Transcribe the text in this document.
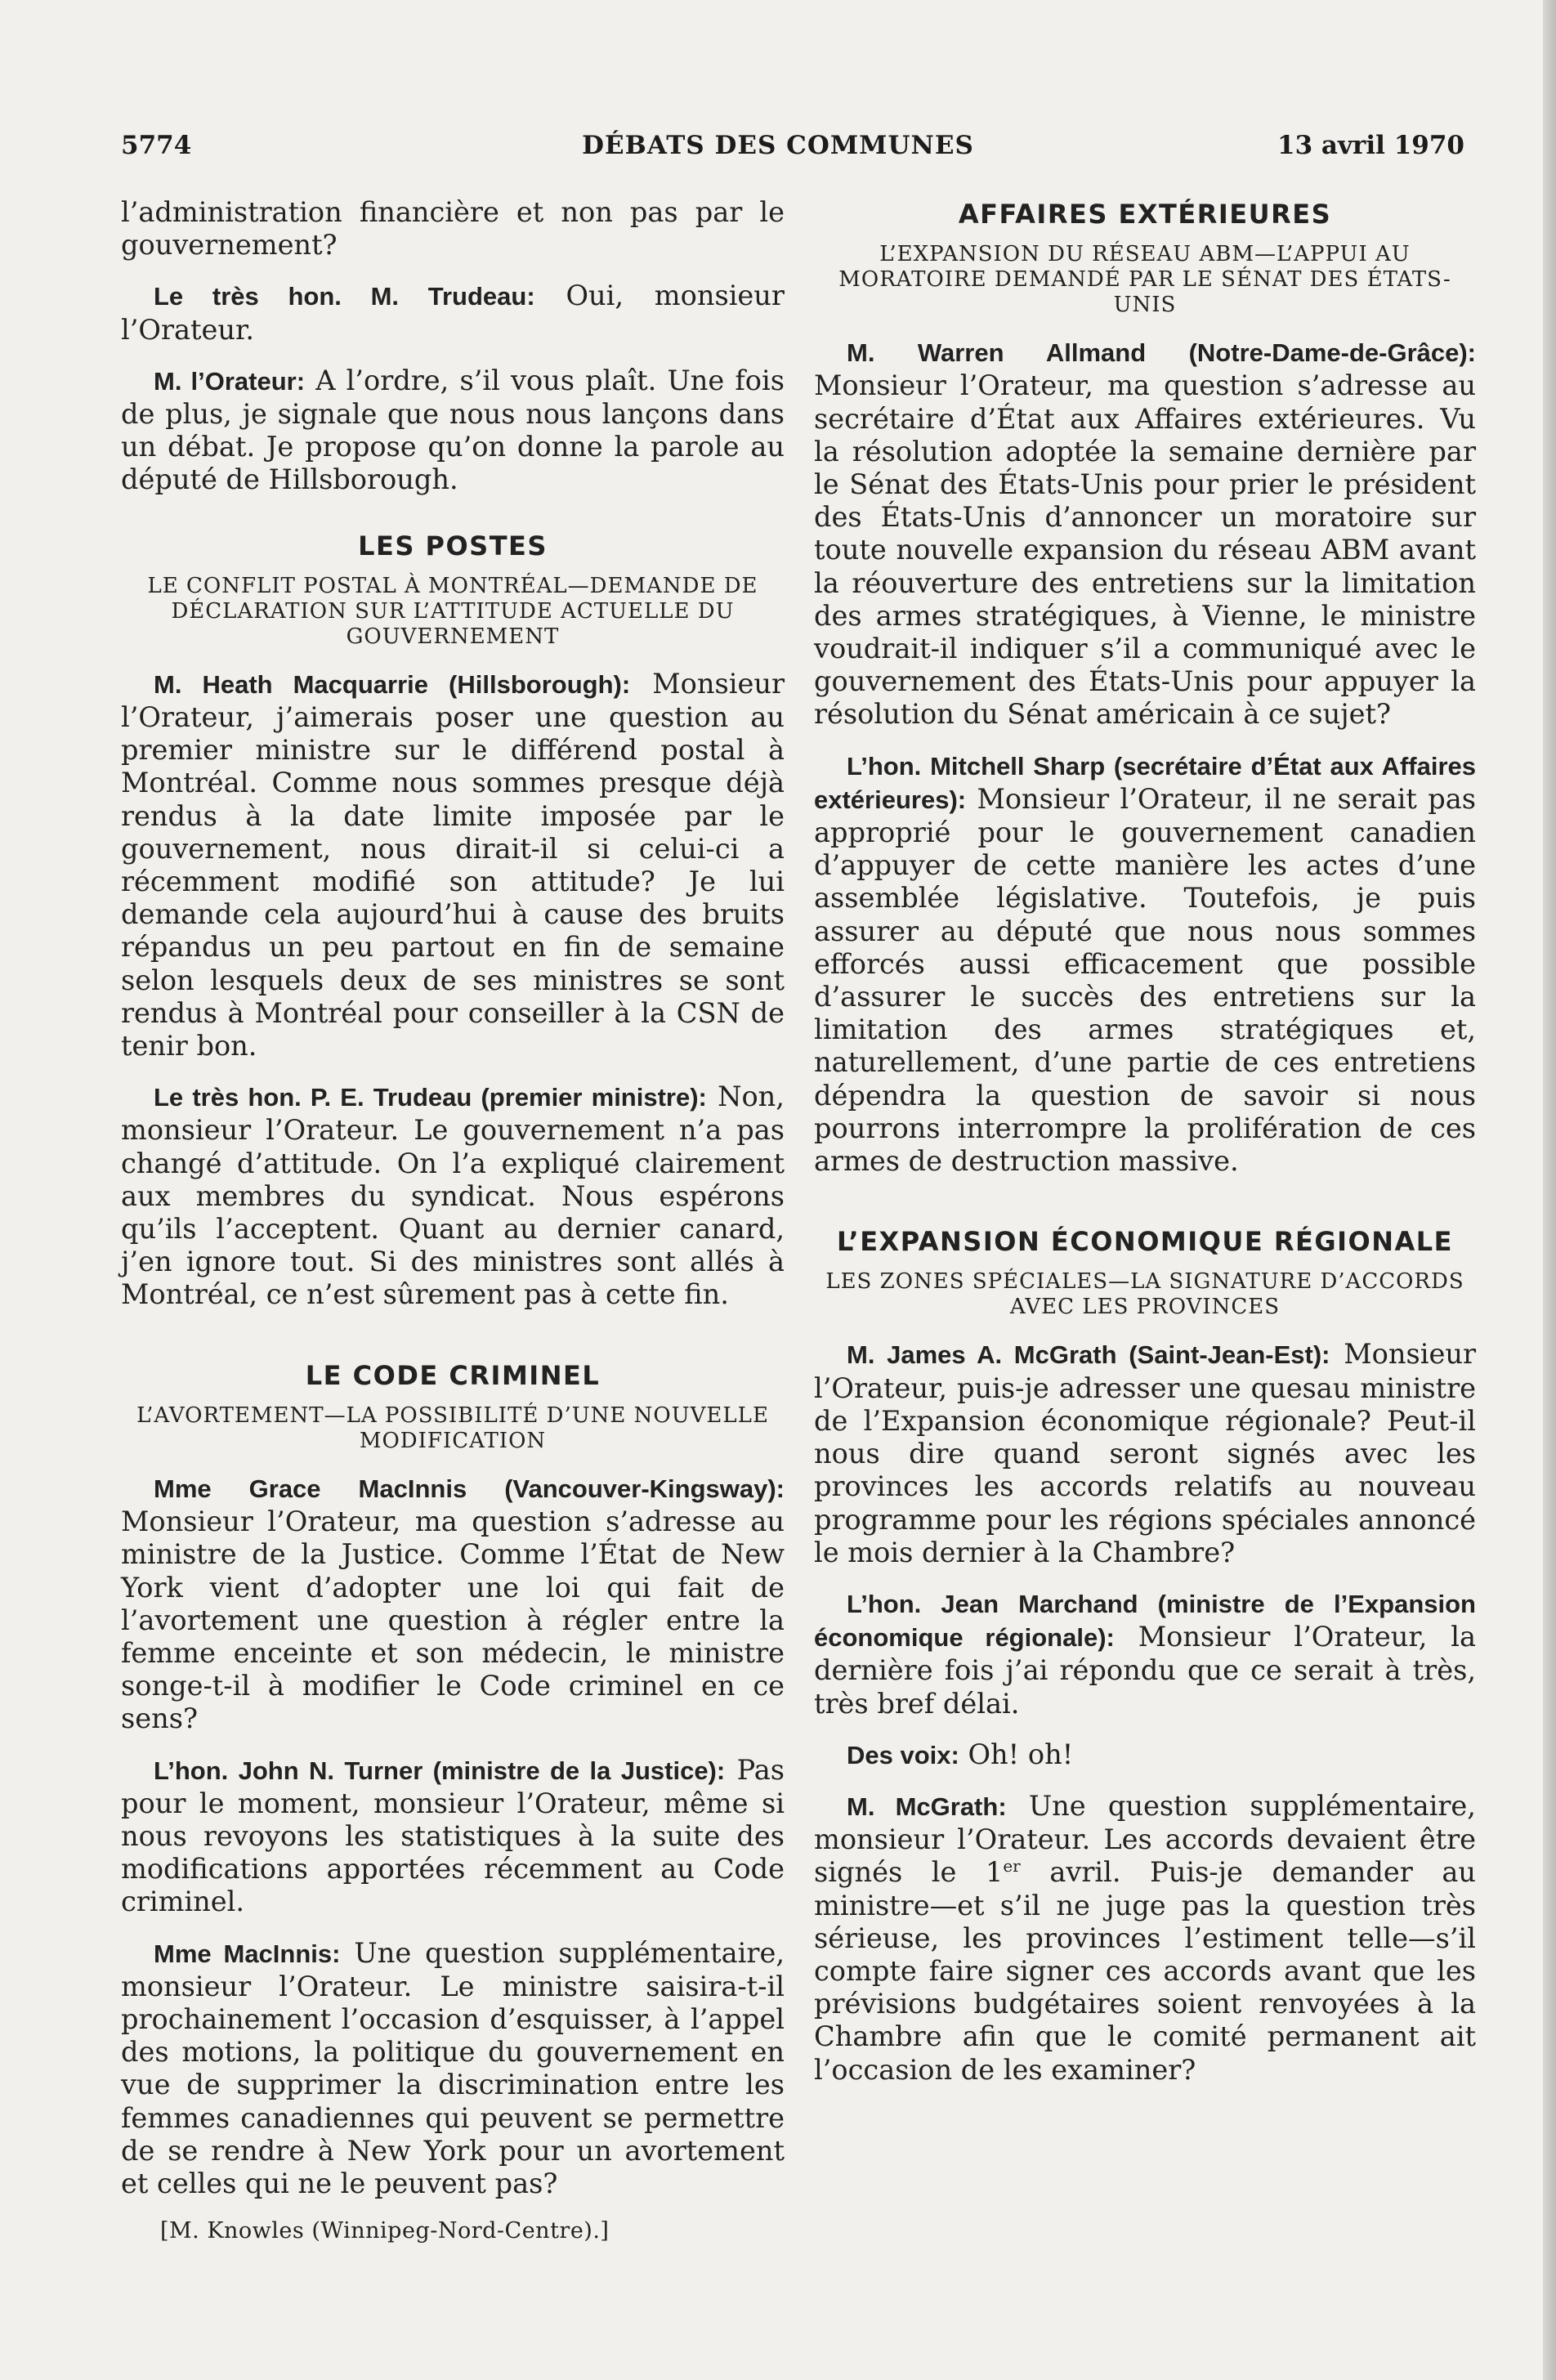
DÉBATS DES COMMUNES
5774	13 avril 1970

l’administration financière et non pas par le gouvernement?

Le très hon. M. Trudeau: Oui, monsieur l’Orateur.

M. l’Orateur: A l’ordre, s’il vous plaît. Une fois de plus, je signale que nous nous lançons dans un débat. Je propose qu’on donne la parole au député de Hillsborough.

LES POSTES
LE CONFLIT POSTAL À MONTRÉAL—DEMANDE DE DÉCLARATION SUR L’ATTITUDE ACTUELLE DU GOUVERNEMENT

M. Heath Macquarrie (Hillsborough): Monsieur l’Orateur, j’aimerais poser une question au premier ministre sur le différend postal à Montréal. Comme nous sommes presque déjà rendus à la date limite imposée par le gouvernement, nous dirait-il si celui-ci a récemment modifié son attitude? Je lui demande cela aujourd’hui à cause des bruits répandus un peu partout en fin de semaine selon lesquels deux de ses ministres se sont rendus à Montréal pour conseiller à la CSN de tenir bon.

Le très hon. P. E. Trudeau (premier ministre): Non, monsieur l’Orateur. Le gouvernement n’a pas changé d’attitude. On l’a expliqué clairement aux membres du syndicat. Nous espérons qu’ils l’acceptent. Quant au dernier canard, j’en ignore tout. Si des ministres sont allés à Montréal, ce n’est sûrement pas à cette fin.

LE CODE CRIMINEL
L’AVORTEMENT—LA POSSIBILITÉ D’UNE NOUVELLE MODIFICATION

Mme Grace MacInnis (Vancouver-Kingsway): Monsieur l’Orateur, ma question s’adresse au ministre de la Justice. Comme l’État de New York vient d’adopter une loi qui fait de l’avortement une question à régler entre la femme enceinte et son médecin, le ministre songe-t-il à modifier le Code criminel en ce sens?

L’hon. John N. Turner (ministre de la Justice): Pas pour le moment, monsieur l’Orateur, même si nous revoyons les statistiques à la suite des modifications apportées récemment au Code criminel.

Mme MacInnis: Une question supplémentaire, monsieur l’Orateur. Le ministre saisira-t-il prochainement l’occasion d’esquisser, à l’appel des motions, la politique du gouvernement en vue de supprimer la discrimination entre les femmes canadiennes qui peuvent se permettre de se rendre à New York pour un avortement et celles qui ne le peuvent pas?

[M. Knowles (Winnipeg-Nord-Centre).]

AFFAIRES EXTÉRIEURES
L’EXPANSION DU RÉSEAU ABM—L’APPUI AU MORATOIRE DEMANDÉ PAR LE SÉNAT DES ÉTATS-UNIS

M. Warren Allmand (Notre-Dame-de-Grâce): Monsieur l’Orateur, ma question s’adresse au secrétaire d’État aux Affaires extérieures. Vu la résolution adoptée la semaine dernière par le Sénat des États-Unis pour prier le président des États-Unis d’annoncer un moratoire sur toute nouvelle expansion du réseau ABM avant la réouverture des entretiens sur la limitation des armes stratégiques, à Vienne, le ministre voudrait-il indiquer s’il a communiqué avec le gouvernement des États-Unis pour appuyer la résolution du Sénat américain à ce sujet?

L’hon. Mitchell Sharp (secrétaire d’État aux Affaires extérieures): Monsieur l’Orateur, il ne serait pas approprié pour le gouvernement canadien d’appuyer de cette manière les actes d’une assemblée législative. Toutefois, je puis assurer au député que nous nous sommes efforcés aussi efficacement que possible d’assurer le succès des entretiens sur la limitation des armes stratégiques et, naturellement, d’une partie de ces entretiens dépendra la question de savoir si nous pourrons interrompre la prolifération de ces armes de destruction massive.

L’EXPANSION ÉCONOMIQUE RÉGIONALE
LES ZONES SPÉCIALES—LA SIGNATURE D’ACCORDS AVEC LES PROVINCES

M. James A. McGrath (Saint-Jean-Est): Monsieur l’Orateur, puis-je adresser une quesau ministre de l’Expansion économique régionale? Peut-il nous dire quand seront signés avec les provinces les accords relatifs au nouveau programme pour les régions spéciales annoncé le mois dernier à la Chambre?

L’hon. Jean Marchand (ministre de l’Expansion économique régionale): Monsieur l’Orateur, la dernière fois j’ai répondu que ce serait à très, très bref délai.

Des voix: Oh! oh!

M. McGrath: Une question supplémentaire, monsieur l’Orateur. Les accords devaient être signés le 1er avril. Puis-je demander au ministre—et s’il ne juge pas la question très sérieuse, les provinces l’estiment telle—s’il compte faire signer ces accords avant que les prévisions budgétaires soient renvoyées à la Chambre afin que le comité permanent ait l’occasion de les examiner?
